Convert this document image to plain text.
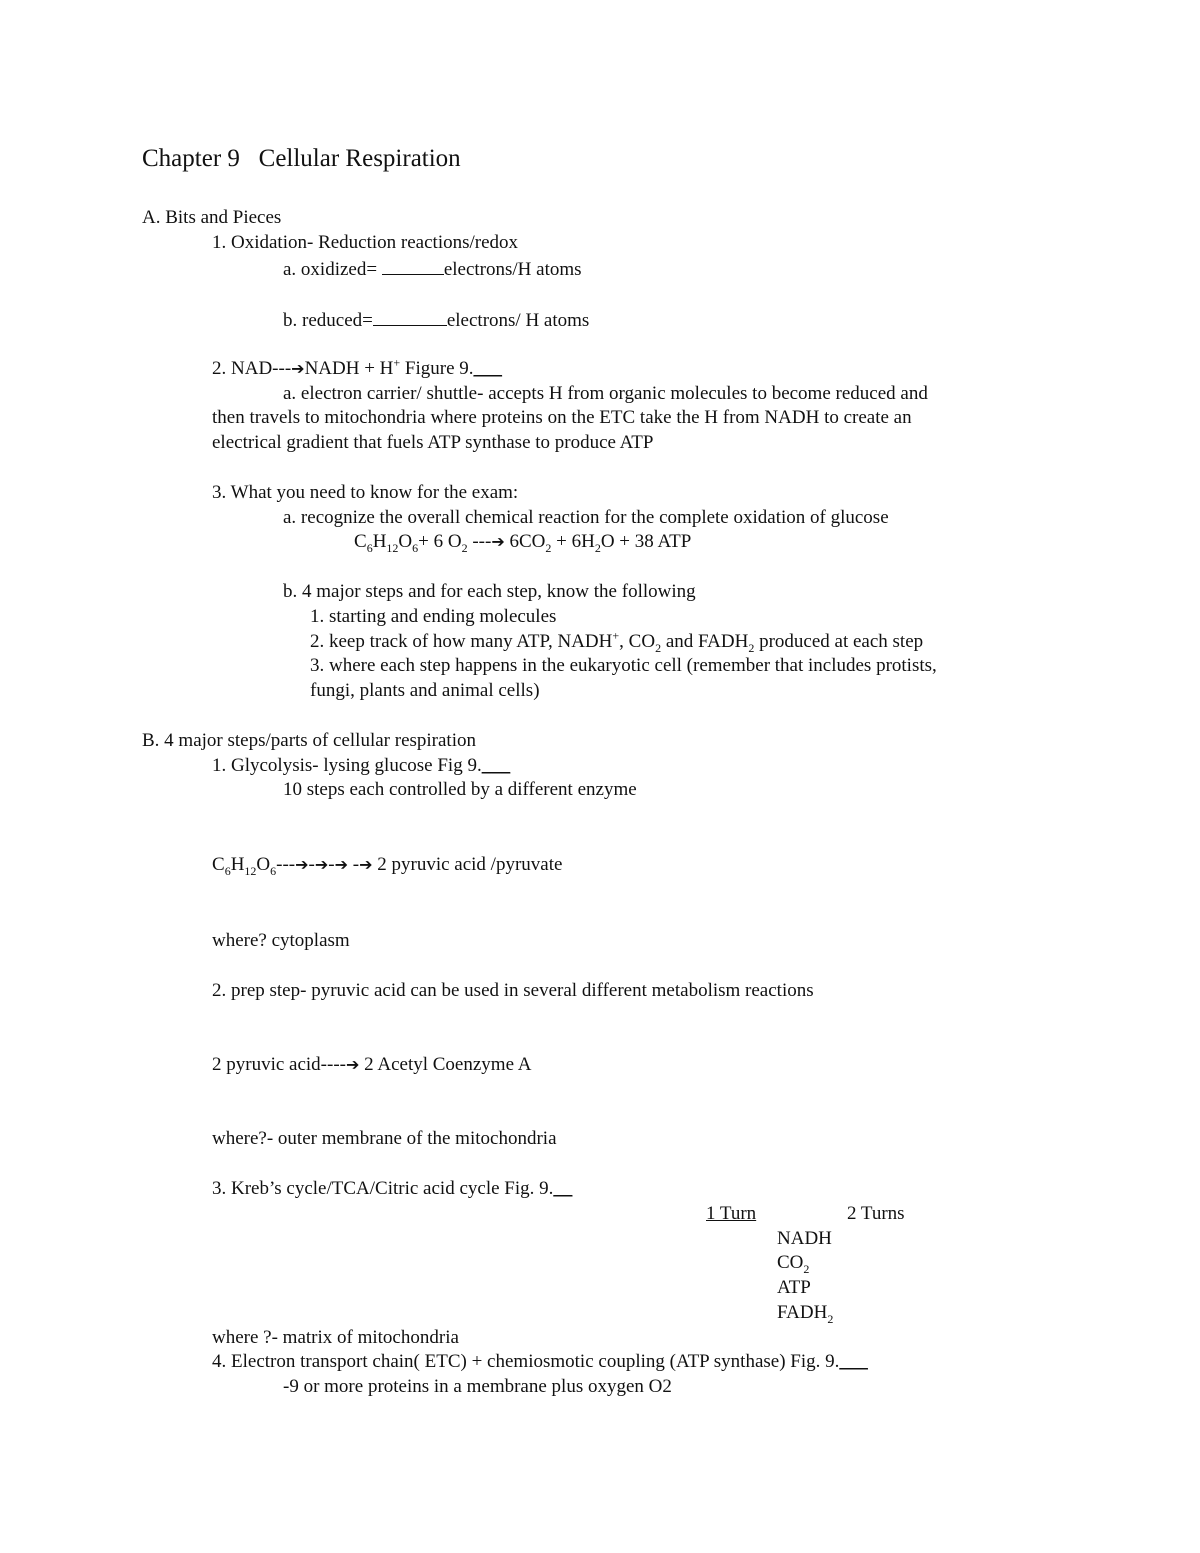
Chapter 9 Cellular Respiration
A. Bits and Pieces
1. Oxidation- Reduction reactions/redox
a. oxidized=	electrons/H atoms
b. reduced=	electrons/ H atoms
2. NAD---➔NADH + H+ Figure 9.___
a. electron carrier/ shuttle- accepts H from organic molecules to become reduced and
then travels to mitochondria where proteins on the ETC take the H from NADH to create an
electrical gradient that fuels ATP synthase to produce ATP
3. What you need to know for the exam:
a. recognize the overall chemical reaction for the complete oxidation of glucose
$C_6H_{12}O_6+ 6$ $O_2$ ---➔ $6CO_2 + 6H_2O + 38$ ATP
b. 4 major steps and for each step, know the following
1. starting and ending molecules
2. keep track of how many ATP, NADH+, $CO_2$ and $FADH_2$ produced at each step
3. where each step happens in the eukaryotic cell (remember that includes protists,
fungi, plants and animal cells)
B. 4 major steps/parts of cellular respiration
1. Glycolysis- lysing glucose Fig 9.___
10 steps each controlled by a different enzyme
$C_6H_{12}O_6---➔-➔-➔$ -➔ 2 pyruvic acid /pyruvate
where? cytoplasm
2. prep step- pyruvic acid can be used in several different metabolism reactions
2 pyruvic acid----➔ 2 Acetyl Coenzyme A
where?- outer membrane of the mitochondria
3. Kreb’s cycle/TCA/Citric acid cycle Fig. 9.__
1 Turn	2 Turns
NADH
$CO_2$
ATP
$FADH_2$
where ?- matrix of mitochondria
4. Electron transport chain( ETC) + chemiosmotic coupling (ATP synthase) Fig. 9.___
-9 or more proteins in a membrane plus oxygen O2
